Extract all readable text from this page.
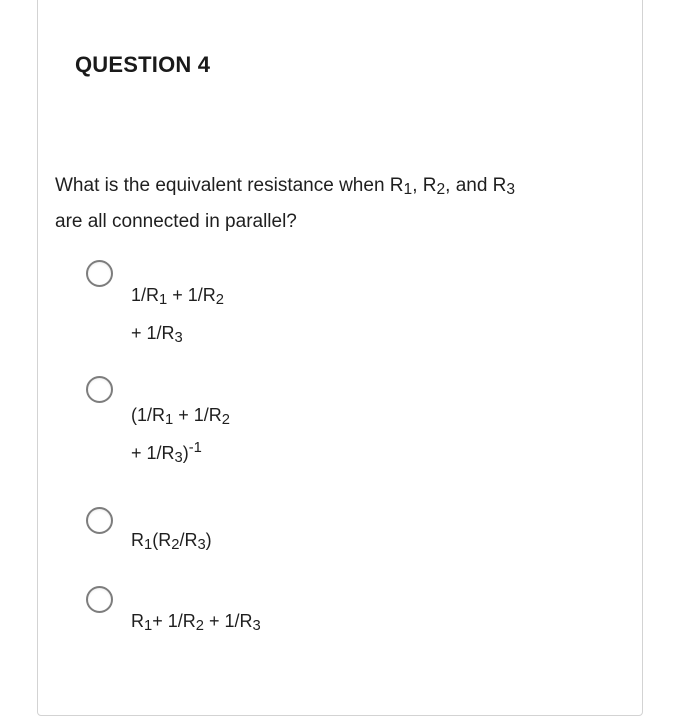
QUESTION 4
What is the equivalent resistance when R1, R2, and R3
are all connected in parallel?
1/R1 + 1/R2
+ 1/R3
(1/R1 + 1/R2
+ 1/R3)$^{-1}$
R1(R2/R3)
R1+ 1/R2 + 1/R3
